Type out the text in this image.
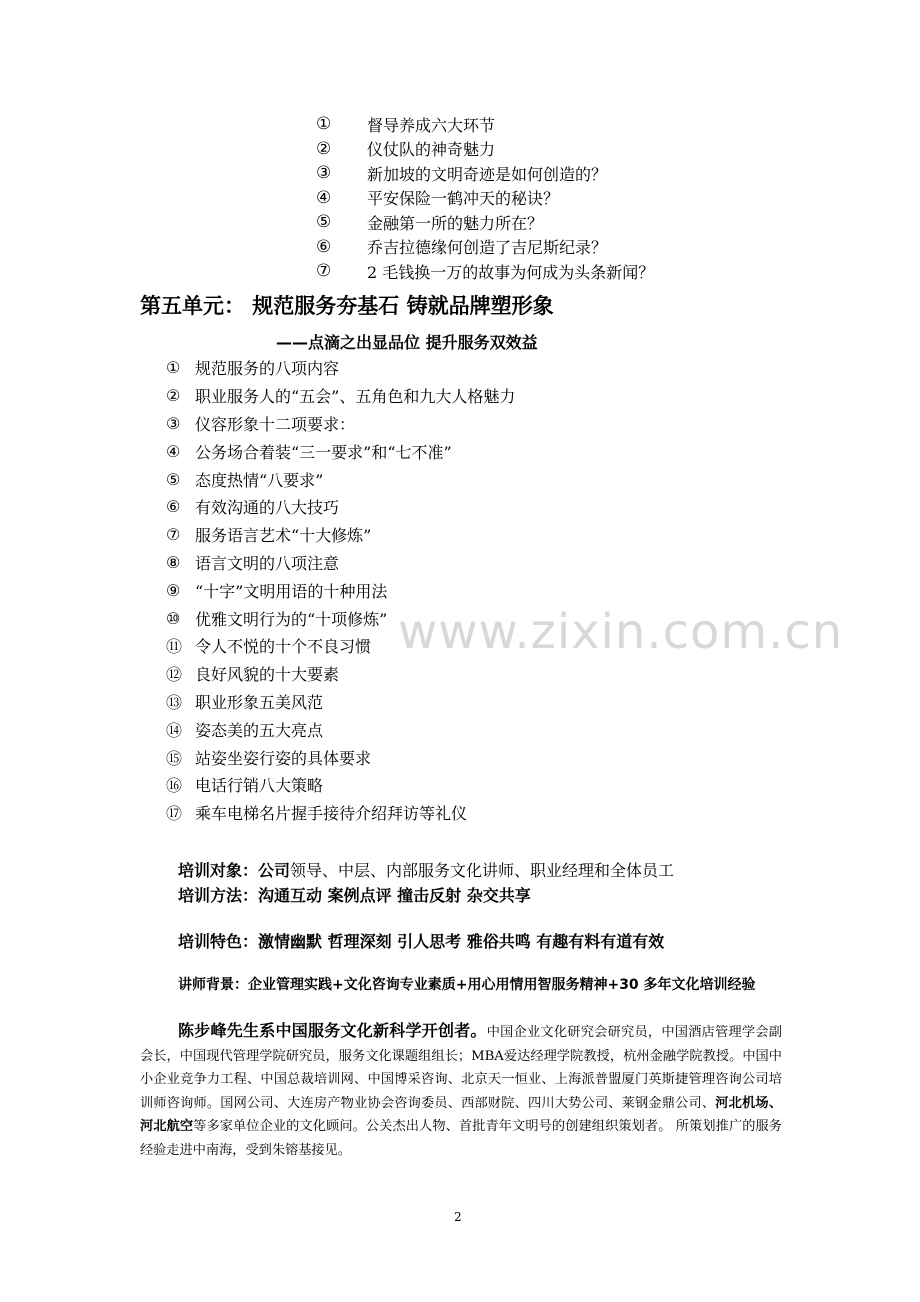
www.zixin.com.cn
①	督导养成六大环节
②	仪仗队的神奇魅力
③	新加坡的文明奇迹是如何创造的？
④	平安保险一鹤冲天的秘诀？
⑤	金融第一所的魅力所在？
⑥	乔吉拉德缘何创造了吉尼斯纪录？
⑦	2 毛钱换一万的故事为何成为头条新闻？
第五单元： 规范服务夯基石 铸就品牌塑形象
——点滴之出显品位 提升服务双效益
① 规范服务的八项内容
② 职业服务人的“五会”、五角色和九大人格魅力
③ 仪容形象十二项要求：
④ 公务场合着装“三一要求”和“七不准”
⑤ 态度热情“八要求”
⑥ 有效沟通的八大技巧
⑦ 服务语言艺术“十大修炼”
⑧ 语言文明的八项注意
⑨ “十字”文明用语的十种用法
⑩ 优雅文明行为的“十项修炼”
⑪ 令人不悦的十个不良习惯
⑫ 良好风貌的十大要素
⑬ 职业形象五美风范
⑭ 姿态美的五大亮点
⑮ 站姿坐姿行姿的具体要求
⑯ 电话行销八大策略
⑰ 乘车电梯名片握手接待介绍拜访等礼仪
培训对象：公司领导、中层、内部服务文化讲师、职业经理和全体员工
培训方法：沟通互动 案例点评 撞击反射 杂交共享
培训特色：激情幽默 哲理深刻 引人思考 雅俗共鸣 有趣有料有道有效
讲师背景：企业管理实践+文化咨询专业素质+用心用情用智服务精神+30 多年文化培训经验
陈步峰先生系中国服务文化新科学开创者。中国企业文化研究会研究员，中国酒店管理学会副会长，中国现代管理学院研究员，服务文化课题组组长；MBA爱达经理学院教授，杭州金融学院教授。中国中小企业竞争力工程、中国总裁培训网、中国博采咨询、北京天一恒业、上海派普盟厦门英斯捷管理咨询公司培训师咨询师。国网公司、大连房产物业协会咨询委员、西部财院、四川大势公司、莱钢金鼎公司、河北机场、河北航空等多家单位企业的文化顾问。公关杰出人物、首批青年文明号的创建组织策划者。 所策划推广的服务经验走进中南海，受到朱镕基接见。
2
